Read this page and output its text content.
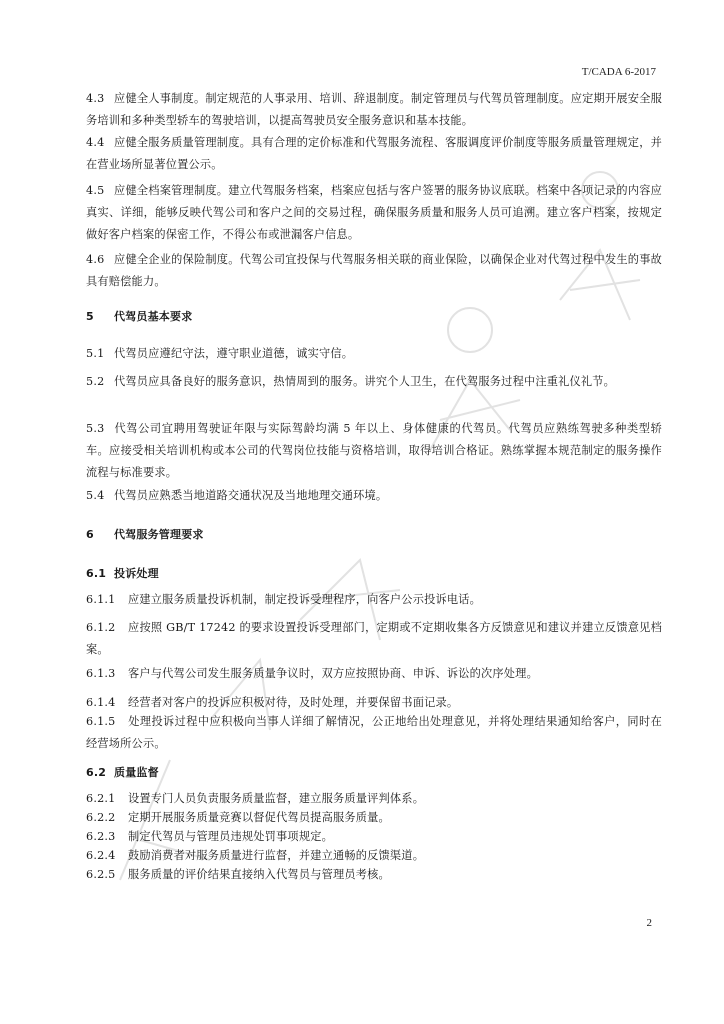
T/CADA 6-2017
4.3 应健全人事制度。制定规范的人事录用、培训、辞退制度。制定管理员与代驾员管理制度。应定期开展安全服务培训和多种类型轿车的驾驶培训，以提高驾驶员安全服务意识和基本技能。
4.4 应健全服务质量管理制度。具有合理的定价标准和代驾服务流程、客服调度评价制度等服务质量管理规定，并在营业场所显著位置公示。
4.5 应健全档案管理制度。建立代驾服务档案，档案应包括与客户签署的服务协议底联。档案中各项记录的内容应真实、详细，能够反映代驾公司和客户之间的交易过程，确保服务质量和服务人员可追溯。建立客户档案，按规定做好客户档案的保密工作，不得公布或泄漏客户信息。
4.6 应健全企业的保险制度。代驾公司宜投保与代驾服务相关联的商业保险，以确保企业对代驾过程中发生的事故具有赔偿能力。
5 代驾员基本要求
5.1 代驾员应遵纪守法，遵守职业道德，诚实守信。
5.2 代驾员应具备良好的服务意识，热情周到的服务。讲究个人卫生，在代驾服务过程中注重礼仪礼节。
5.3 代驾公司宜聘用驾驶证年限与实际驾龄均满 5 年以上、身体健康的代驾员。代驾员应熟练驾驶多种类型轿车。应接受相关培训机构或本公司的代驾岗位技能与资格培训，取得培训合格证。熟练掌握本规范制定的服务操作流程与标准要求。
5.4 代驾员应熟悉当地道路交通状况及当地地理交通环境。
6 代驾服务管理要求
6.1 投诉处理
6.1.1 应建立服务质量投诉机制，制定投诉受理程序，向客户公示投诉电话。
6.1.2 应按照 GB/T 17242 的要求设置投诉受理部门，定期或不定期收集各方反馈意见和建议并建立反馈意见档案。
6.1.3 客户与代驾公司发生服务质量争议时，双方应按照协商、申诉、诉讼的次序处理。
6.1.4 经营者对客户的投诉应积极对待，及时处理，并要保留书面记录。
6.1.5 处理投诉过程中应积极向当事人详细了解情况，公正地给出处理意见，并将处理结果通知给客户，同时在经营场所公示。
6.2 质量监督
6.2.1 设置专门人员负责服务质量监督，建立服务质量评判体系。
6.2.2 定期开展服务质量竞赛以督促代驾员提高服务质量。
6.2.3 制定代驾员与管理员违规处罚事项规定。
6.2.4 鼓励消费者对服务质量进行监督，并建立通畅的反馈渠道。
6.2.5 服务质量的评价结果直接纳入代驾员与管理员考核。
2
